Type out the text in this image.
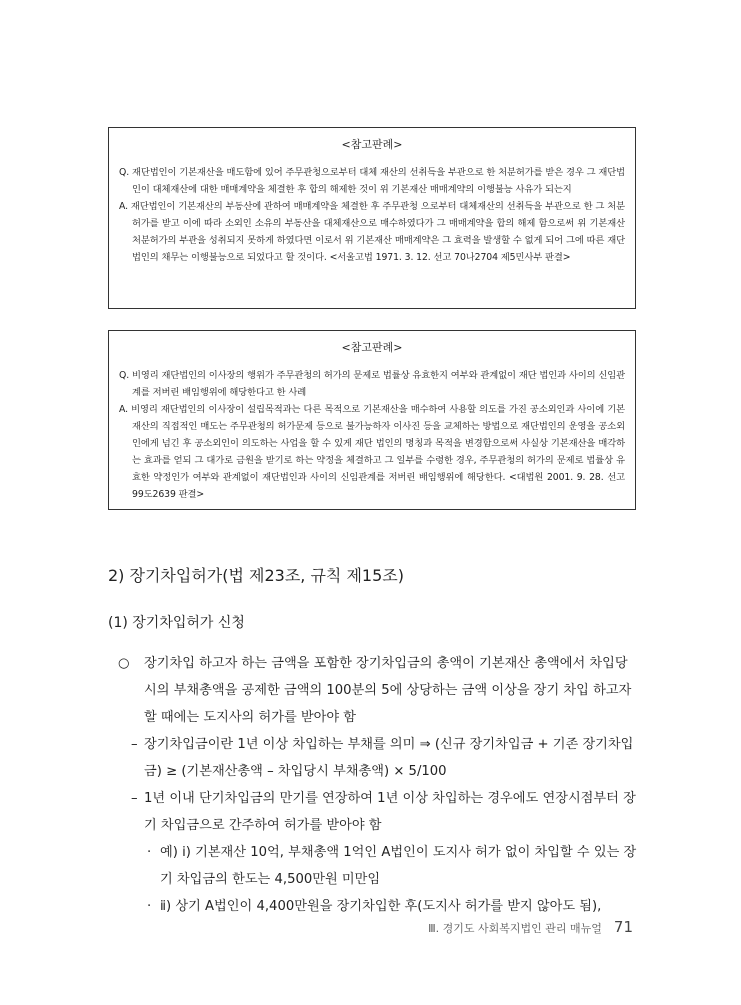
<참고판례>

Q. 재단법인이 기본재산을 매도함에 있어 주무관청으로부터 대체 재산의 선취득을 부관으로 한 처분허가를 받은 경우 그 재단법인이 대체재산에 대한 매매계약을 체결한 후 합의 해제한 것이 위 기본재산 매매계약의 이행불능 사유가 되는지

A. 재단법인이 기본재산의 부동산에 관하여 매매계약을 체결한 후 주무관청 으로부터 대체재산의 선취득을 부관으로 한 그 처분허가를 받고 이에 따라 소외인 소유의 부동산을 대체재산으로 매수하였다가 그 매매계약을 합의 해제 함으로써 위 기본재산 처분허가의 부관을 성취되지 못하게 하였다면 이로서 위 기본재산 매매계약은 그 효력을 발생할 수 없게 되어 그에 따른 재단법인의 채무는 이행불능으로 되었다고 할 것이다. <서울고법 1971. 3. 12. 선고 70나2704 제5민사부 판결>

<참고판례>

Q. 비영리 재단법인의 이사장의 행위가 주무관청의 허가의 문제로 법률상 유효한지 여부와 관계없이 재단 법인과 사이의 신임관계를 저버린 배임행위에 해당한다고 한 사례

A. 비영리 재단법인의 이사장이 설립목적과는 다른 목적으로 기본재산을 매수하여 사용할 의도를 가진 공소외인과 사이에 기본재산의 직접적인 매도는 주무관청의 허가문제 등으로 불가능하자 이사진 등을 교체하는 방법으로 재단법인의 운영을 공소외인에게 넘긴 후 공소외인이 의도하는 사업을 할 수 있게 재단 법인의 명칭과 목적을 변경함으로써 사실상 기본재산을 매각하는 효과를 얻되 그 대가로 금원을 받기로 하는 약정을 체결하고 그 일부를 수령한 경우, 주무관청의 허가의 문제로 법률상 유효한 약정인가 여부와 관계없이 재단법인과 사이의 신임관계를 저버린 배임행위에 해당한다. <대법원 2001. 9. 28. 선고 99도2639 판결>

2) 장기차입허가(법 제23조, 규칙 제15조)
(1) 장기차입허가 신청

○ 장기차입 하고자 하는 금액을 포함한 장기차입금의 총액이 기본재산 총액에서 차입당시의 부채총액을 공제한 금액의 100분의 5에 상당하는 금액 이상을 장기 차입 하고자 할 때에는 도지사의 허가를 받아야 함

– 장기차입금이란 1년 이상 차입하는 부채를 의미 ⇒ (신규 장기차입금 + 기존 장기차입금) ≥ (기본재산총액 – 차입당시 부채총액) × 5/100

– 1년 이내 단기차입금의 만기를 연장하여 1년 이상 차입하는 경우에도 연장시점부터 장기 차입금으로 간주하여 허가를 받아야 함

· 예) ⅰ) 기본재산 10억, 부채총액 1억인 A법인이 도지사 허가 없이 차입할 수 있는 장기 차입금의 한도는 4,500만원 미만임

· ⅱ) 상기 A법인이 4,400만원을 장기차입한 후(도지사 허가를 받지 않아도 됨),

Ⅲ. 경기도 사회복지법인 관리 매뉴얼 71
